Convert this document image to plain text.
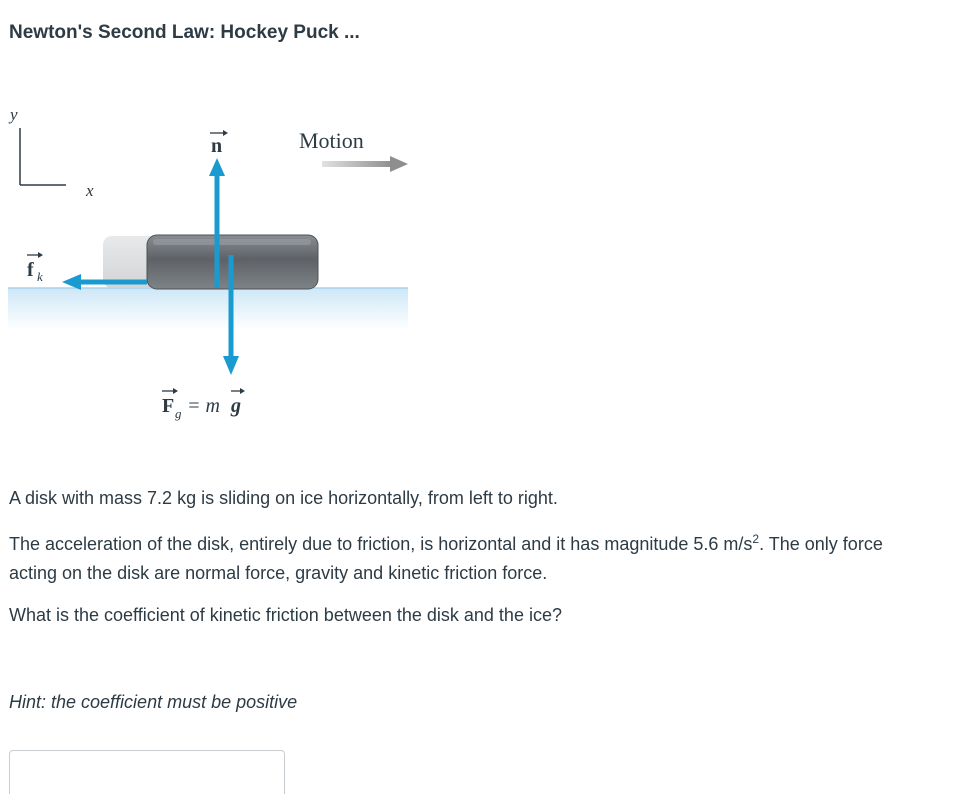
Newton's Second Law: Hockey Puck ...
y
x
n
f k
Motion
F g = m g

A disk with mass 7.2 kg is sliding on ice horizontally, from left to right.

The acceleration of the disk, entirely due to friction, is horizontal and it has magnitude 5.6 $m/s^2$. The only force
acting on the disk are normal force, gravity and kinetic friction force.

What is the coefficient of kinetic friction between the disk and the ice?

Hint: the coefficient must be positive
